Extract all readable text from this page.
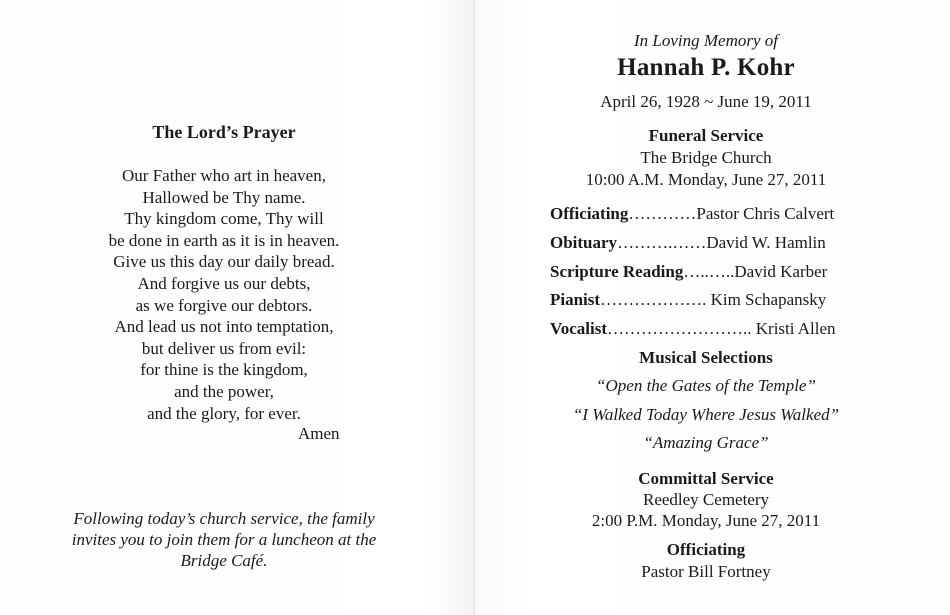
The Lord’s Prayer
Our Father who art in heaven,
Hallowed be Thy name.
Thy kingdom come, Thy will
be done in earth as it is in heaven.
Give us this day our daily bread.
And forgive us our debts,
as we forgive our debtors.
And lead us not into temptation,
but deliver us from evil:
for thine is the kingdom,
and the power,
and the glory, for ever.
Amen
Following today’s church service, the family
invites you to join them for a luncheon at the
Bridge Café.
In Loving Memory of
Hannah P. Kohr
April 26, 1928 ~ June 19, 2011
Funeral Service
The Bridge Church
10:00 A.M. Monday, June 27, 2011
Officiating…………Pastor Chris Calvert
Obituary……….……David W. Hamlin
Scripture Reading…..…..David Karber
Pianist………………. Kim Schapansky
Vocalist…………………….. Kristi Allen
Musical Selections
“Open the Gates of the Temple”
“I Walked Today Where Jesus Walked”
“Amazing Grace”
Committal Service
Reedley Cemetery
2:00 P.M. Monday, June 27, 2011
Officiating
Pastor Bill Fortney
